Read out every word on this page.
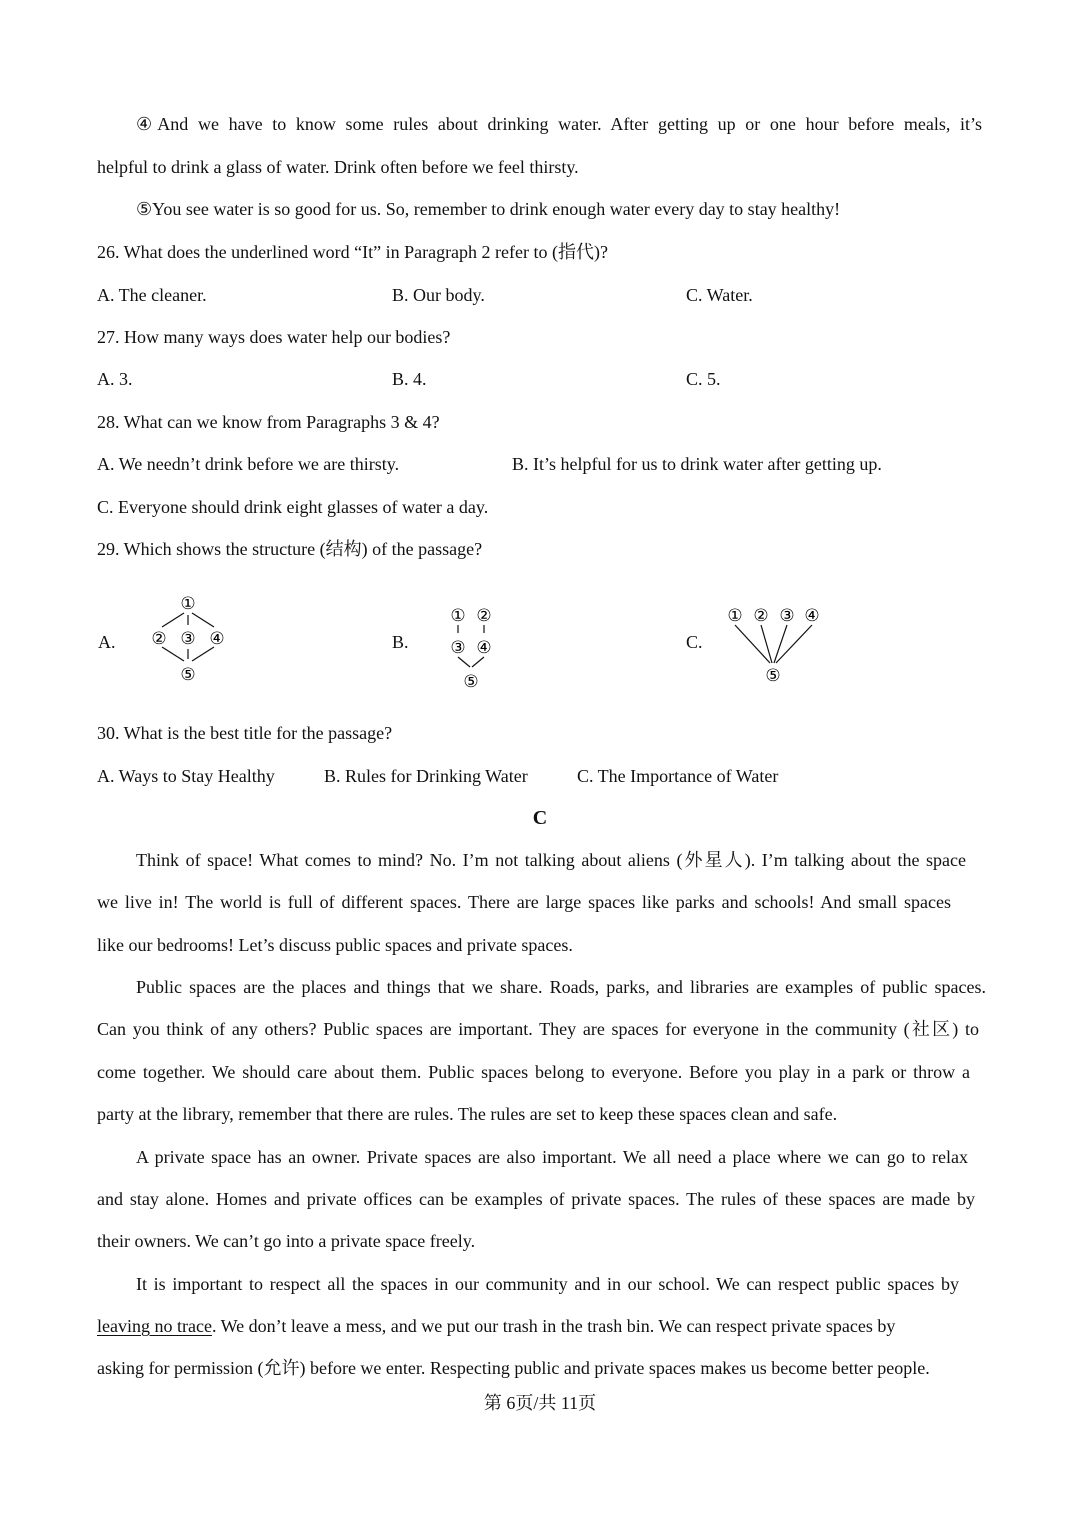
④And we have to know some rules about drinking water. After getting up or one hour before meals, it’s
helpful to drink a glass of water. Drink often before we feel thirsty.
⑤You see water is so good for us. So, remember to drink enough water every day to stay healthy!
26. What does the underlined word “It” in Paragraph 2 refer to (指代)?
A. The cleaner.	B. Our body.	C. Water.
27. How many ways does water help our bodies?
A. 3.	B. 4.	C. 5.
28. What can we know from Paragraphs 3 & 4?
A. We needn’t drink before we are thirsty.	B. It’s helpful for us to drink water after getting up.
C. Everyone should drink eight glasses of water a day.
29. Which shows the structure (结构) of the passage?
A.	B.	C.
①
② ③ ④
⑤
① ②
③ ④
⑤
① ② ③ ④
⑤
30. What is the best title for the passage?
A. Ways to Stay Healthy	B. Rules for Drinking Water	C. The Importance of Water
C
Think of space! What comes to mind? No. I’m not talking about aliens (外星人). I’m talking about the space
we live in! The world is full of different spaces. There are large spaces like parks and schools! And small spaces
like our bedrooms! Let’s discuss public spaces and private spaces.
Public spaces are the places and things that we share. Roads, parks, and libraries are examples of public spaces.
Can you think of any others? Public spaces are important. They are spaces for everyone in the community (社区) to
come together. We should care about them. Public spaces belong to everyone. Before you play in a park or throw a
party at the library, remember that there are rules. The rules are set to keep these spaces clean and safe.
A private space has an owner. Private spaces are also important. We all need a place where we can go to relax
and stay alone. Homes and private offices can be examples of private spaces. The rules of these spaces are made by
their owners. We can’t go into a private space freely.
It is important to respect all the spaces in our community and in our school. We can respect public spaces by
leaving no trace. We don’t leave a mess, and we put our trash in the trash bin. We can respect private spaces by
asking for permission (允许) before we enter. Respecting public and private spaces makes us become better people.
第 6页/共 11页
